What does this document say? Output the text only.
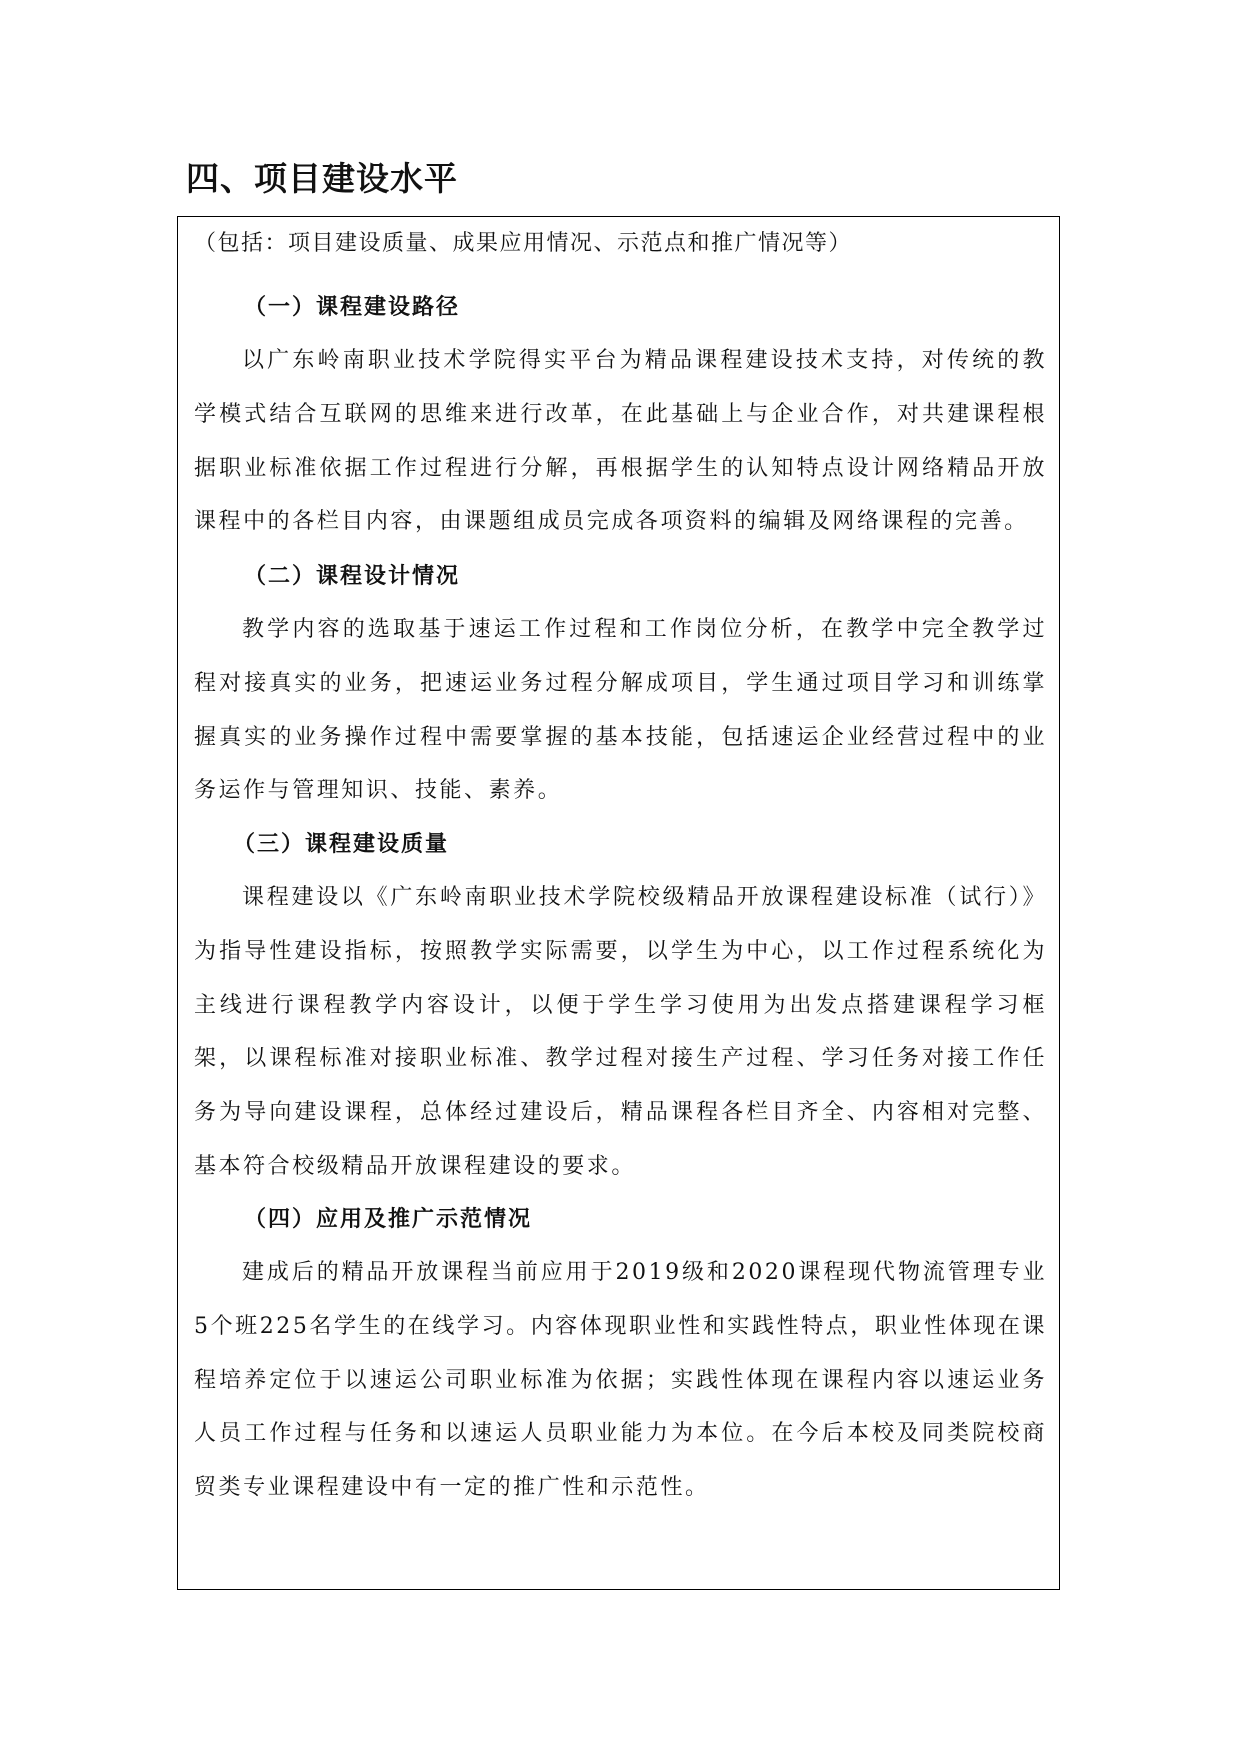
四、项目建设水平

（包括：项目建设质量、成果应用情况、示范点和推广情况等）

（一）课程建设路径

以广东岭南职业技术学院得实平台为精品课程建设技术支持，对传统的教学模式结合互联网的思维来进行改革，在此基础上与企业合作，对共建课程根据职业标准依据工作过程进行分解，再根据学生的认知特点设计网络精品开放课程中的各栏目内容，由课题组成员完成各项资料的编辑及网络课程的完善。

（二）课程设计情况

教学内容的选取基于速运工作过程和工作岗位分析，在教学中完全教学过程对接真实的业务，把速运业务过程分解成项目，学生通过项目学习和训练掌握真实的业务操作过程中需要掌握的基本技能，包括速运企业经营过程中的业务运作与管理知识、技能、素养。

（三）课程建设质量

课程建设以《广东岭南职业技术学院校级精品开放课程建设标准（试行）》为指导性建设指标，按照教学实际需要，以学生为中心，以工作过程系统化为主线进行课程教学内容设计，以便于学生学习使用为出发点搭建课程学习框架，以课程标准对接职业标准、教学过程对接生产过程、学习任务对接工作任务为导向建设课程，总体经过建设后，精品课程各栏目齐全、内容相对完整、基本符合校级精品开放课程建设的要求。

（四）应用及推广示范情况

建成后的精品开放课程当前应用于2019级和2020课程现代物流管理专业5个班225名学生的在线学习。内容体现职业性和实践性特点，职业性体现在课程培养定位于以速运公司职业标准为依据；实践性体现在课程内容以速运业务人员工作过程与任务和以速运人员职业能力为本位。在今后本校及同类院校商贸类专业课程建设中有一定的推广性和示范性。
